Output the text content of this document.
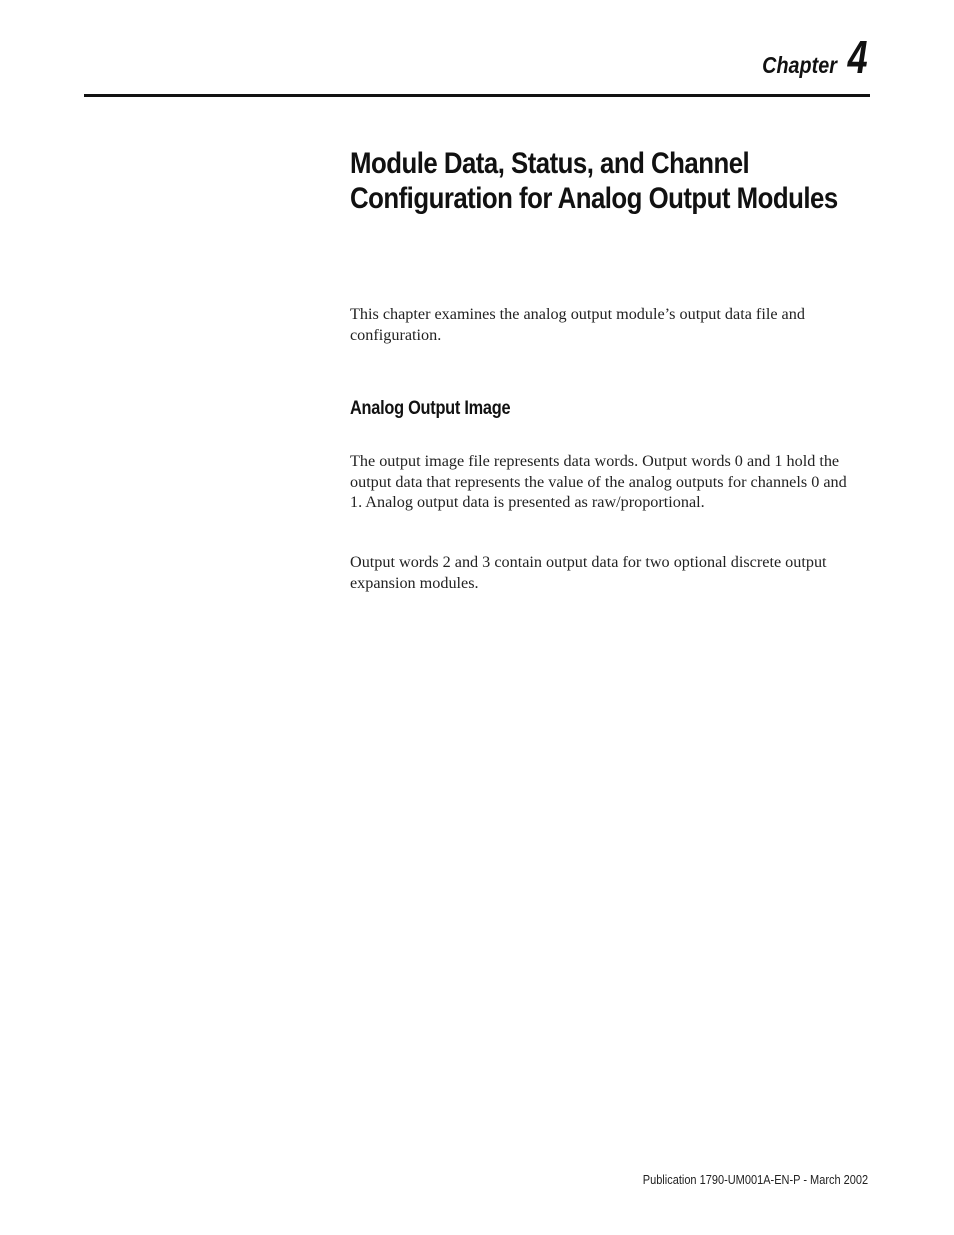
Chapter 4
Module Data, Status, and Channel
Configuration for Analog Output Modules

This chapter examines the analog output module’s output data file and configuration.

Analog Output Image

The output image file represents data words. Output words 0 and 1 hold the output data that represents the value of the analog outputs for channels 0 and 1. Analog output data is presented as raw/proportional.

Output words 2 and 3 contain output data for two optional discrete output expansion modules.

Publication 1790-UM001A-EN-P - March 2002
